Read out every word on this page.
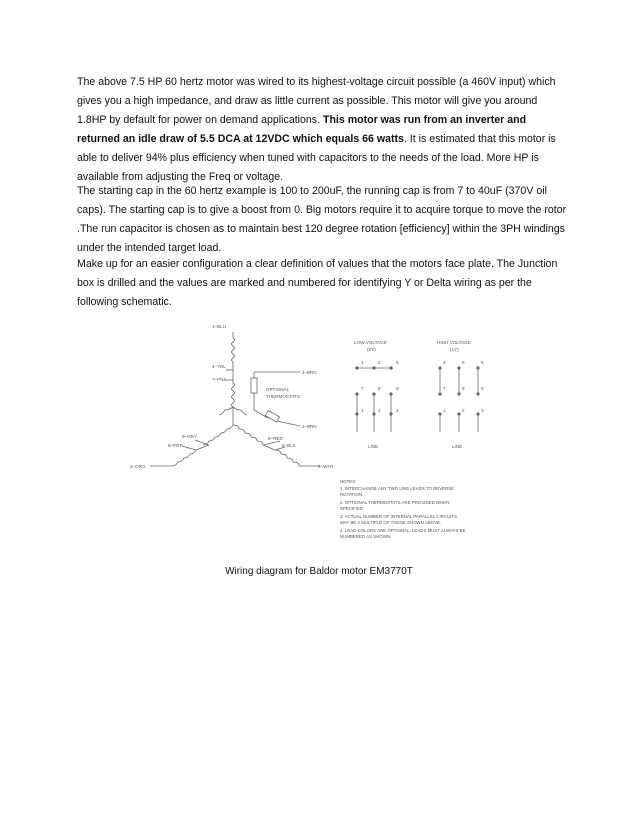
The above 7.5 HP 60 hertz motor was wired to its highest-voltage circuit possible (a 460V input) which gives you a high impedance, and draw as little current as possible. This motor will give you around 1.8HP by default for power on demand applications. This motor was run from an inverter and returned an idle draw of 5.5 DCA at 12VDC which equals 66 watts. It is estimated that this motor is able to deliver 94% plus efficiency when tuned with capacitors to the needs of the load. More HP is available from adjusting the Freq or voltage.

The starting cap in the 60 hertz example is 100 to 200uF, the running cap is from 7 to 40uF (370V oil caps). The starting cap is to give a boost from 0. Big motors require it to acquire torque to move the rotor .The run capacitor is chosen as to maintain best 120 degree rotation [efficiency] within the 3PH windings under the intended target load.

Make up for an easier configuration a clear definition of values that the motors face plate. The Junction box is drilled and the values are marked and numbered for identifying Y or Delta wiring as per the following schematic.

1–BLU
4–YEL
7–PNK
J–BRN
OPTIONAL
THERMOSTATS
J–BRN
9–GRY	8–RED
6–PRP	5–BLK
3–ORG	2–WHT
LOW VOLTAGE
(2Y)
4	5	6
7	8	9
1	2	3
LINE
HIGH VOLTAGE
(1Y)
4	5	6
7	8	9
1	2	3
LINE
NOTES:
1. INTERCHANGE ANY TWO LINE LEADS TO REVERSE
ROTATION.
2. OPTIONAL THERMOSTATS ARE PROVIDED WHEN
SPECIFIED.
3. ACTUAL NUMBER OF INTERNAL PARALLEL CIRCUITS
MAY BE A MULTIPLE OF THOSE SHOWN ABOVE.
4. LEAD COLORS ARE OPTIONAL. LEADS MUST ALWAYS BE
NUMBERED AS SHOWN.
Wiring diagram for Baldor motor EM3770T
